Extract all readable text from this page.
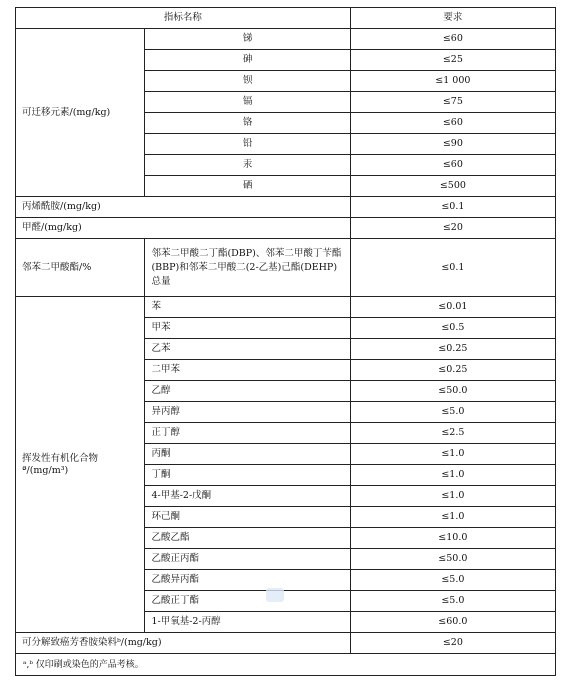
指标名称		要求
可迁移元素/(mg/kg)	锑	≤60
	砷	≤25
	钡	≤1 000
	镉	≤75
	铬	≤60
	铅	≤90
	汞	≤60
	硒	≤500
丙烯酰胺/(mg/kg)		≤0.1
甲醛/(mg/kg)		≤20
邻苯二甲酸酯/%	邻苯二甲酸二丁酯(DBP)、邻苯二甲酸丁苄酯(BBP)和邻苯二甲酸二(2-乙基)己酯(DEHP)总量	≤0.1
挥发性有机化合物ª/(mg/m³)	苯	≤0.01
	甲苯	≤0.5
	乙苯	≤0.25
	二甲苯	≤0.25
	乙醇	≤50.0
	异丙醇	≤5.0
	正丁醇	≤2.5
	丙酮	≤1.0
	丁酮	≤1.0
	4-甲基-2-戊酮	≤1.0
	环己酮	≤1.0
	乙酸乙酯	≤10.0
	乙酸正丙酯	≤50.0
	乙酸异丙酯	≤5.0
	乙酸正丁酯	≤5.0
	1-甲氧基-2-丙醇	≤60.0
可分解致癌芳香胺染料ᵇ/(mg/kg)		≤20
ᵃ,ᵇ 仅印刷或染色的产品考核。		
